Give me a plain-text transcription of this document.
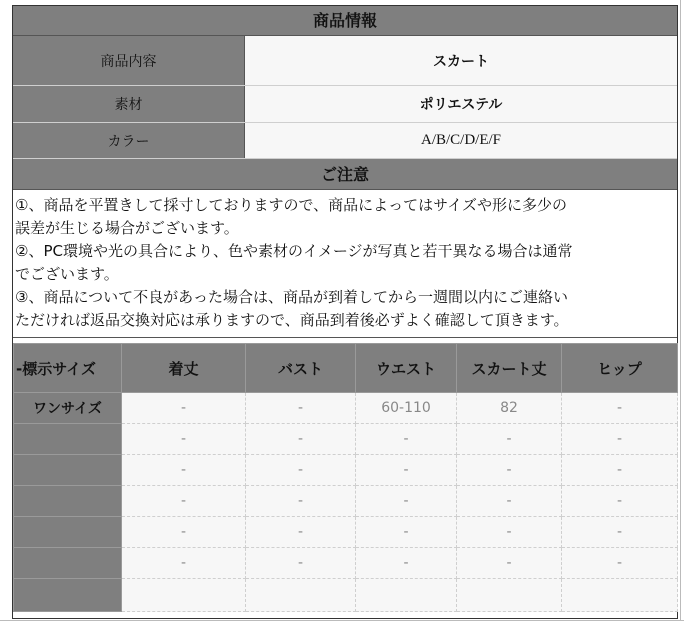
商品情報
商品内容	スカート
素材	ポリエステル
カラー	A/B/C/D/E/F
ご注意
①、商品を平置きして採寸しておりますので、商品によってはサイズや形に多少の
誤差が生じる場合がございます。
②、PC環境や光の具合により、色や素材のイメージが写真と若干異なる場合は通常
でございます。
③、商品について不良があった場合は、商品が到着してから一週間以内にご連絡い
ただければ返品交換対応は承りますので、商品到着後必ずよく確認して頂きます。
-標示サイズ	着丈	バスト	ウエスト	スカート丈	ヒップ
ワンサイズ	-	-	60-110	82	-
	-	-	-	-	-
	-	-	-	-	-
	-	-	-	-	-
	-	-	-	-	-
	-	-	-	-	-
